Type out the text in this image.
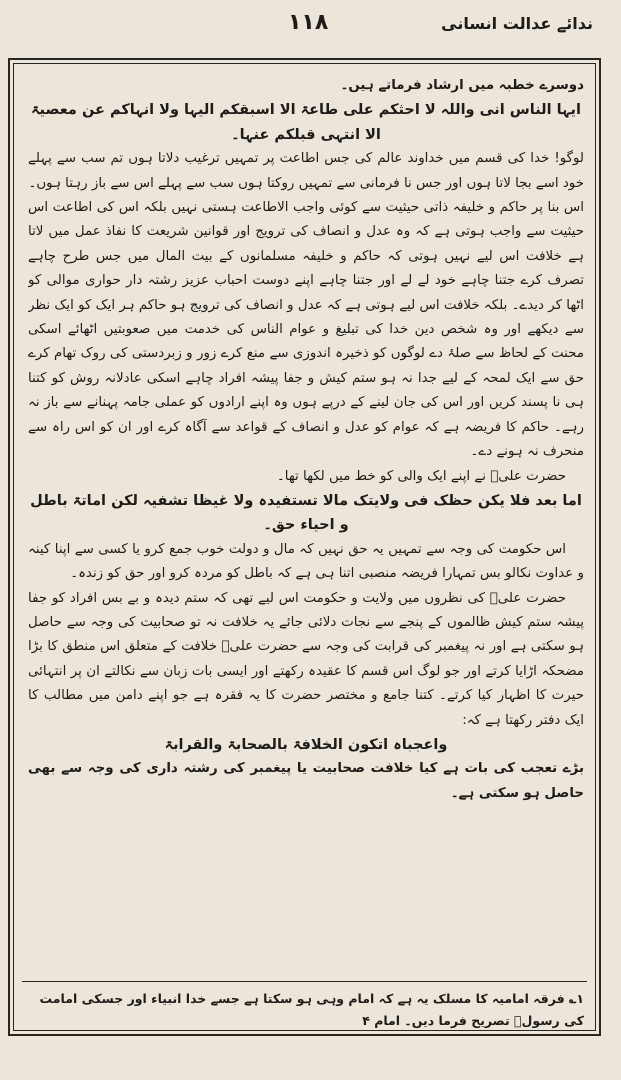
۱۱۸	ندائے عدالت انسانی

دوسرے خطبہ میں ارشاد فرماتے ہیں۔

ایہا الناس انی واللہ لا احثکم علی طاعۃ الا اسبقکم الیہا ولا انہاکم عن معصیۃ الا انتہی قبلکم عنہا۔

لوگو! خدا کی قسم میں خداوند عالم کی جس اطاعت پر تمہیں ترغیب دلاتا ہوں تم سب سے پہلے خود اسے بجا لاتا ہوں اور جس نا فرمانی سے تمہیں روکتا ہوں سب سے پہلے اس سے باز رہتا ہوں۔

اس بنا پر حاکم و خلیفہ ذاتی حیثیت سے کوئی واجب الاطاعت ہستی نہیں بلکہ اس کی اطاعت اس حیثیت سے واجب ہوتی ہے کہ وہ عدل و انصاف کی ترویج اور قوانین شریعت کا نفاذ عمل میں لاتا ہے خلافت اس لیے نہیں ہوتی کہ حاکم و خلیفہ مسلمانوں کے بیت المال میں جس طرح چاہے تصرف کرے جتنا چاہے خود لے لے اور جتنا چاہے اپنے دوست احباب عزیز رشتہ دار حواری موالی کو اٹھا کر دیدے۔ بلکہ خلافت اس لیے ہوتی ہے کہ عدل و انصاف کی ترویج ہو حاکم ہر ایک کو ایک نظر سے دیکھے اور وہ شخص دین خدا کی تبلیغ و عوام الناس کی خدمت میں صعوبتیں اٹھائے اسکی محنت کے لحاظ سے صلۂ دے لوگوں کو ذخیرہ اندوزی سے منع کرے زور و زبردستی کی روک تھام کرے حق سے ایک لمحہ کے لیے جدا نہ ہو ستم کیش و جفا پیشہ افراد چاہے اسکی عادلانہ روش کو کتنا ہی نا پسند کریں اور اس کی جان لینے کے درپے ہوں وہ اپنے ارادوں کو عملی جامہ پہنانے سے باز نہ رہے۔ حاکم کا فریضہ ہے کہ عوام کو عدل و انصاف کے قواعد سے آگاہ کرے اور ان کو اس راہ سے منحرف نہ ہونے دے۔

حضرت علیؑ نے اپنے ایک والی کو خط میں لکھا تھا۔

اما بعد فلا یکن حظک فی ولایتک مالا تستفیدہ ولا غیظا تشفیہ لکن اماتۃ باطل و احیاء حق۔

اس حکومت کی وجہ سے تمہیں یہ حق نہیں کہ مال و دولت خوب جمع کرو یا کسی سے اپنا کینہ و عداوت نکالو بس تمہارا فریضہ منصبی اتنا ہی ہے کہ باطل کو مردہ کرو اور حق کو زندہ۔

حضرت علیؑ کی نظروں میں ولایت و حکومت اس لیے تھی کہ ستم دیدہ و بے بس افراد کو جفا پیشہ ستم کیش ظالموں کے پنجے سے نجات دلائی جائے یہ خلافت نہ تو صحابیت کی وجہ سے حاصل ہو سکتی ہے اور نہ پیغمبر کی قرابت کی وجہ سے حضرت علیؑ خلافت کے متعلق اس منطق کا بڑا مضحکہ اڑایا کرتے اور جو لوگ اس قسم کا عقیدہ رکھتے اور ایسی بات زبان سے نکالتے ان پر انتہائی حیرت کا اظہار کیا کرتے۔ کتنا جامع و مختصر حضرت کا یہ فقرہ ہے جو اپنے دامن میں مطالب کا ایک دفتر رکھتا ہے کہ:

واعجباہ اتکون الخلافۃ بالصحابۃ والقرابۃ

بڑے تعجب کی بات ہے کیا خلافت صحابیت یا پیغمبر کی رشتہ داری کی وجہ سے بھی حاصل ہو سکتی ہے۔

۱؎ فرقہ امامیہ کا مسلک یہ ہے کہ امام وہی ہو سکتا ہے جسے خدا انبیاء اور جسکی امامت کی رسولؐ تصریح فرما دیں۔ امام ۴
